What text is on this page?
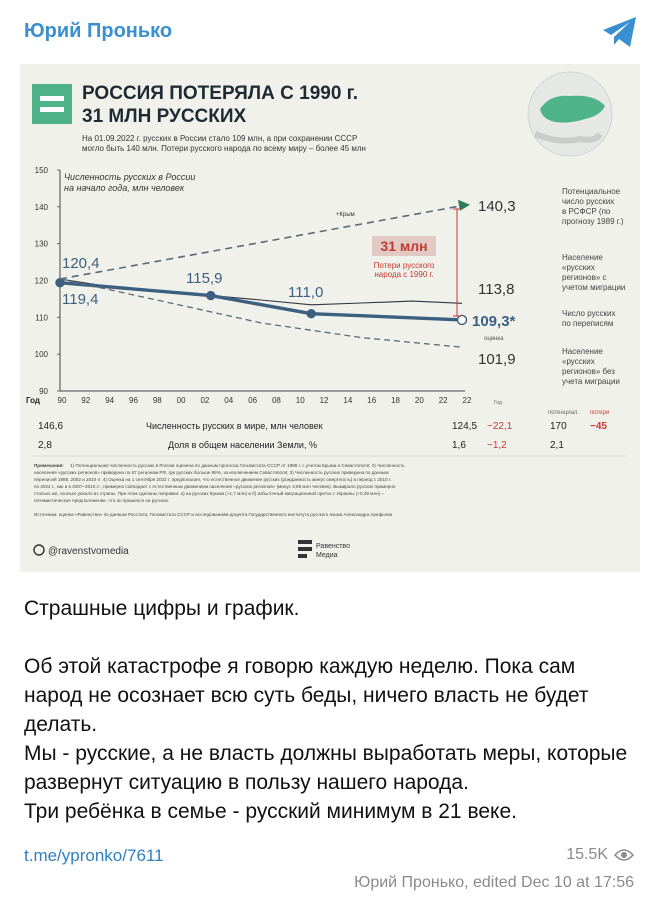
Юрий Пронько
РОССИЯ ПОТЕРЯЛА С 1990 г.
31 МЛН РУССКИХ
На 01.09.2022 г. русских в России стало 109 млн, а при сохранении СССР
могло быть 140 млн. Потери русского народа по всему миру – более 45 млн
90
100
110
120
130
140
150
90 92 94 96 98 00 02 04 06 08 10 12 14 16 18 20 22 22
Год
Численность русских в России
на начало года, млн человек
+Крым
31 млн
Потери русского
народа с 1990 г.
120,4
119,4
115,9
111,0
140,3
113,8
109,3*
оценка
101,9
Потенциальное
число русских
в РСФСР (по
прогнозу 1989 г.)
Население
«русских
регионов» с
учетом миграции
Число русских
по переписям
Население
«русских
регионов» без
учета миграции
Год
потенциал. потери
146,6	Численность русских в мире, млн человек	124,5 −22,1	170 −45
2,8	Доля в общем населении Земли, %	1,6 −1,2	2,1
Примечания: 1) Потенциальная численность русских в России оценена по данным прогноза Госкомстата СССР от 1989 г. с учетом Крыма и Севастополя; 2) Численность
населения «русских регионов» приведена по 57 регионам РФ, где русских больше 88%, за исключением Севастополя; 3) Численность русских приведена по данным
переписей 1989, 2002 и 2010 гг. 4) Оценка на 1 сентября 2022 г. предполагает, что естественное движение русских (рождаемость минус смертность) в период с 2010 г.
по 2022 г., как и в 2007–2010 гг., примерно совпадает с естественным движением населения «русских регионов» (минус 3,89 млн человек). Вымирало русских примерно
столько же, сколько уехало из страны. При этом сделаны поправки: а) на русских Крыма (+1,7 млн) и б) избыточный миграционный приток с Украины (+0,49 млн) –
оптимистическое предположение, что он пришелся на русских.
Источники: оценка «Равенства» по данным Росстата, Госкомстата СССР и исследованиям доцента Государственного института русского языка Александра Арефьева
@ravenstvomedia	Равенство
Медиа

Страшные цифры и график.

Об этой катастрофе я говорю каждую неделю. Пока сам народ не осознает всю суть беды, ничего власть не будет делать.

Мы - русские, а не власть должны выработать меры, которые развернут ситуацию в пользу нашего народа.

Три ребёнка в семье - русский минимум в 21 веке.

t.me/ypronko/7611	15.5K
Юрий Пронько, edited Dec 10 at 17:56
